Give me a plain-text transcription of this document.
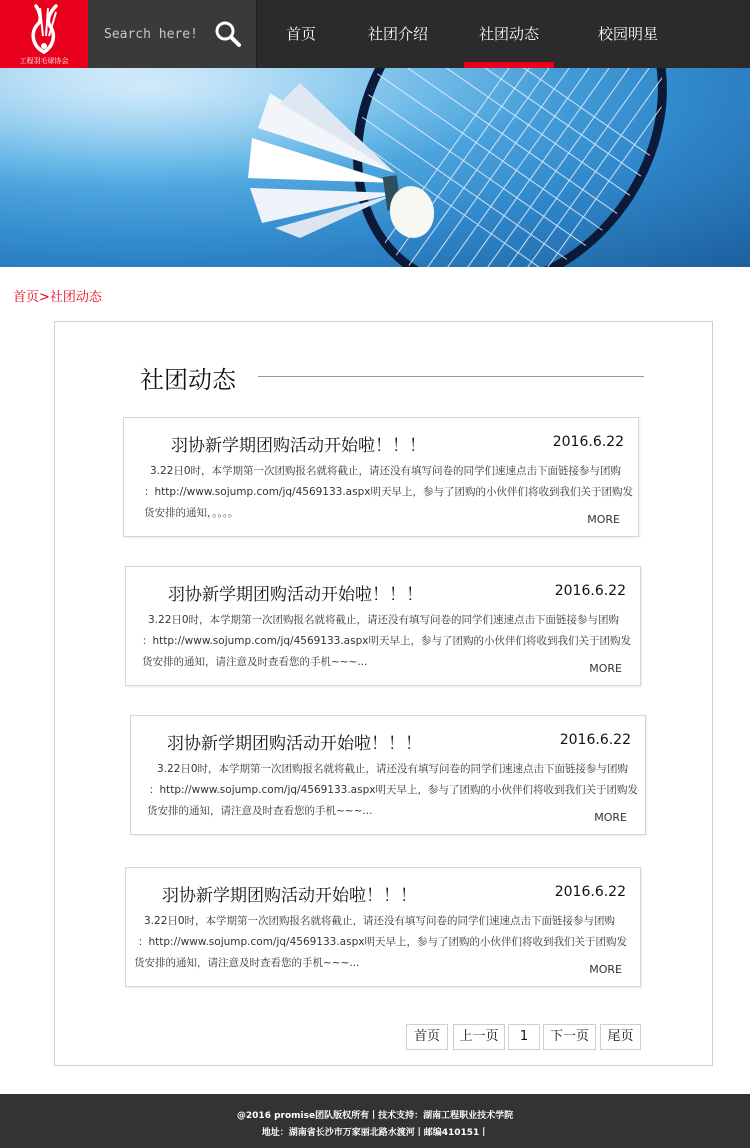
工程羽毛球协会
Search here!
首页	社团介绍	社团动态	校园明星
首页>社团动态
社团动态
羽协新学期团购活动开始啦！！！	2016.6.22
3.22日0时，本学期第一次团购报名就将截止，请还没有填写问卷的同学们速速点击下面链接参与团购
：http://www.sojump.com/jq/4569133.aspx明天早上，参与了团购的小伙伴们将收到我们关于团购发
货安排的通知，。。。。	MORE
羽协新学期团购活动开始啦！！！	2016.6.22
3.22日0时，本学期第一次团购报名就将截止，请还没有填写问卷的同学们速速点击下面链接参与团购
：http://www.sojump.com/jq/4569133.aspx明天早上，参与了团购的小伙伴们将收到我们关于团购发
货安排的通知，请注意及时查看您的手机~~~...	MORE
羽协新学期团购活动开始啦！！！	2016.6.22
3.22日0时，本学期第一次团购报名就将截止，请还没有填写问卷的同学们速速点击下面链接参与团购
：http://www.sojump.com/jq/4569133.aspx明天早上，参与了团购的小伙伴们将收到我们关于团购发
货安排的通知，请注意及时查看您的手机~~~...	MORE
羽协新学期团购活动开始啦！！！	2016.6.22
3.22日0时，本学期第一次团购报名就将截止，请还没有填写问卷的同学们速速点击下面链接参与团购
：http://www.sojump.com/jq/4569133.aspx明天早上，参与了团购的小伙伴们将收到我们关于团购发
货安排的通知，请注意及时查看您的手机~~~...	MORE
首页	上一页	1	下一页	尾页
@2016 promise团队版权所有丨技术支持：湖南工程职业技术学院
地址：湖南省长沙市万家丽北路水渡河丨邮编410151丨
